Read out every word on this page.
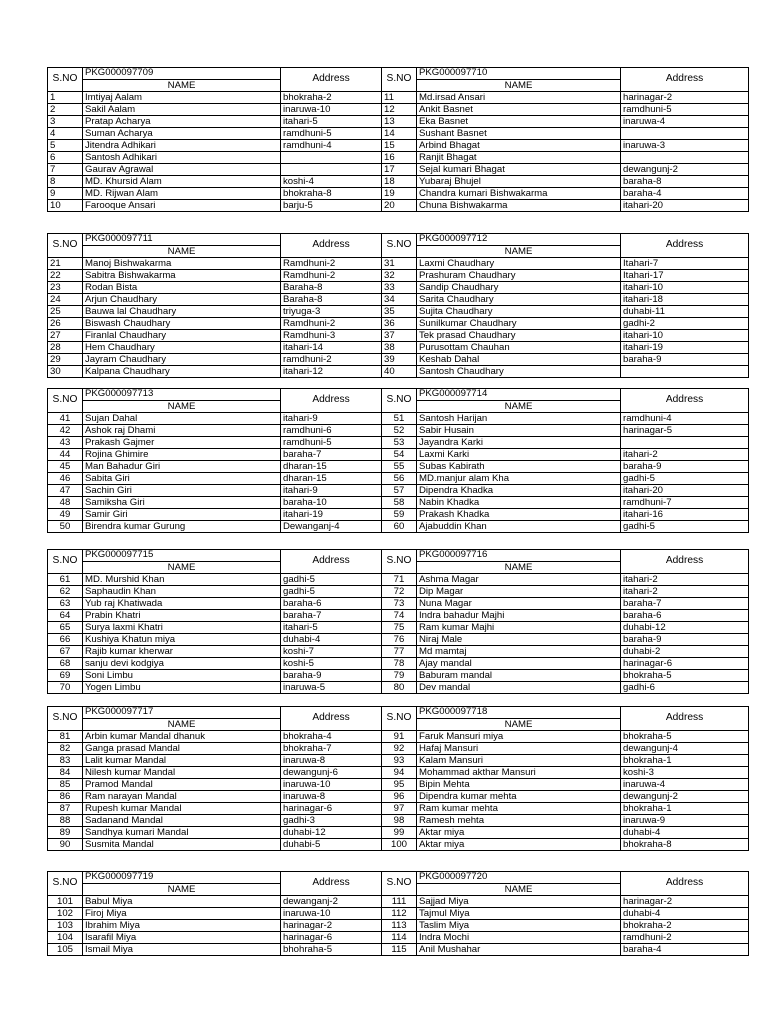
S.NO	PKG000097709	Address	S.NO	PKG000097710	Address
	NAME			NAME	
1	Imtiyaj Aalam	bhokraha-2	11	Md.irsad Ansari	harinagar-2
2	Sakil Aalam	inaruwa-10	12	Ankit Basnet	ramdhuni-5
3	Pratap Acharya	itahari-5	13	Eka Basnet	inaruwa-4
4	Suman Acharya	ramdhuni-5	14	Sushant Basnet	
5	Jitendra Adhikari	ramdhuni-4	15	Arbind Bhagat	inaruwa-3
6	Santosh Adhikari		16	Ranjit Bhagat	
7	Gaurav Agrawal		17	Sejal kumari Bhagat	dewangunj-2
8	MD. Khursid Alam	koshi-4	18	Yubaraj Bhujel	baraha-8
9	MD. Rijwan Alam	bhokraha-8	19	Chandra kumari Bishwakarma	baraha-4
10	Farooque Ansari	barju-5	20	Chuna Bishwakarma	itahari-20
S.NO	PKG000097711	Address	S.NO	PKG000097712	Address
	NAME			NAME	
21	Manoj Bishwakarma	Ramdhuni-2	31	Laxmi Chaudhary	Itahari-7
22	Sabitra Bishwakarma	Ramdhuni-2	32	Prashuram Chaudhary	Itahari-17
23	Rodan Bista	Baraha-8	33	Sandip Chaudhary	itahari-10
24	Arjun Chaudhary	Baraha-8	34	Sarita Chaudhary	itahari-18
25	Bauwa lal Chaudhary	triyuga-3	35	Sujita Chaudhary	duhabi-11
26	Biswash Chaudhary	Ramdhuni-2	36	Sunilkumar Chaudhary	gadhi-2
27	Firanlal Chaudhary	Ramdhuni-3	37	Tek prasad Chaudhary	itahari-10
28	Hem Chaudhary	itahari-14	38	Purusottam Chauhan	itahari-19
29	Jayram Chaudhary	ramdhuni-2	39	Keshab Dahal	baraha-9
30	Kalpana Chaudhary	itahari-12	40	Santosh Chaudhary	
S.NO	PKG000097713	Address	S.NO	PKG000097714	Address
	NAME			NAME	
41	Sujan Dahal	itahari-9	51	Santosh Harijan	ramdhuni-4
42	Ashok raj Dhami	ramdhuni-6	52	Sabir Husain	harinagar-5
43	Prakash Gajmer	ramdhuni-5	53	Jayandra Karki	
44	Rojina Ghimire	baraha-7	54	Laxmi Karki	itahari-2
45	Man Bahadur Giri	dharan-15	55	Subas Kabirath	baraha-9
46	Sabita Giri	dharan-15	56	MD.manjur alam Kha	gadhi-5
47	Sachin Giri	itahari-9	57	Dipendra Khadka	itahari-20
48	Samiksha Giri	baraha-10	58	Nabin Khadka	ramdhuni-7
49	Samir Giri	itahari-19	59	Prakash Khadka	itahari-16
50	Birendra kumar Gurung	Dewanganj-4	60	Ajabuddin Khan	gadhi-5
S.NO	PKG000097715	Address	S.NO	PKG000097716	Address
	NAME			NAME	
61	MD. Murshid Khan	gadhi-5	71	Ashma Magar	itahari-2
62	Saphaudin Khan	gadhi-5	72	Dip Magar	itahari-2
63	Yub raj Khatiwada	baraha-6	73	Nuna Magar	baraha-7
64	Prabin Khatri	baraha-7	74	Indra bahadur Majhi	baraha-6
65	Surya laxmi Khatri	itahari-5	75	Ram kumar Majhi	duhabi-12
66	Kushiya Khatun miya	duhabi-4	76	Niraj Male	baraha-9
67	Rajib kumar kherwar	koshi-7	77	Md mamtaj	duhabi-2
68	sanju devi kodgiya	koshi-5	78	Ajay mandal	harinagar-6
69	Soni Limbu	baraha-9	79	Baburam mandal	bhokraha-5
70	Yogen Limbu	inaruwa-5	80	Dev mandal	gadhi-6
S.NO	PKG000097717	Address	S.NO	PKG000097718	Address
	NAME			NAME	
81	Arbin kumar Mandal dhanuk	bhokraha-4	91	Faruk Mansuri miya	bhokraha-5
82	Ganga prasad Mandal	bhokraha-7	92	Hafaj Mansuri	dewangunj-4
83	Lalit kumar Mandal	inaruwa-8	93	Kalam Mansuri	bhokraha-1
84	Nilesh kumar Mandal	dewangunj-6	94	Mohammad akthar Mansuri	koshi-3
85	Pramod Mandal	inaruwa-10	95	Bipin Mehta	inaruwa-4
86	Ram narayan Mandal	inaruwa-8	96	Dipendra kumar mehta	dewangunj-2
87	Rupesh kumar Mandal	harinagar-6	97	Ram kumar mehta	bhokraha-1
88	Sadanand Mandal	gadhi-3	98	Ramesh mehta	inaruwa-9
89	Sandhya kumari Mandal	duhabi-12	99	Aktar miya	duhabi-4
90	Susmita Mandal	duhabi-5	100	Aktar miya	bhokraha-8
S.NO	PKG000097719	Address	S.NO	PKG000097720	Address
	NAME			NAME	
101	Babul Miya	dewanganj-2	111	Sajjad Miya	harinagar-2
102	Firoj Miya	inaruwa-10	112	Tajmul Miya	duhabi-4
103	Ibrahim Miya	harinagar-2	113	Taslim Miya	bhokraha-2
104	Isarafil Miya	harinagar-6	114	Indra Mochi	ramdhuni-2
105	Ismail Miya	bhohraha-5	115	Anil Mushahar	baraha-4
